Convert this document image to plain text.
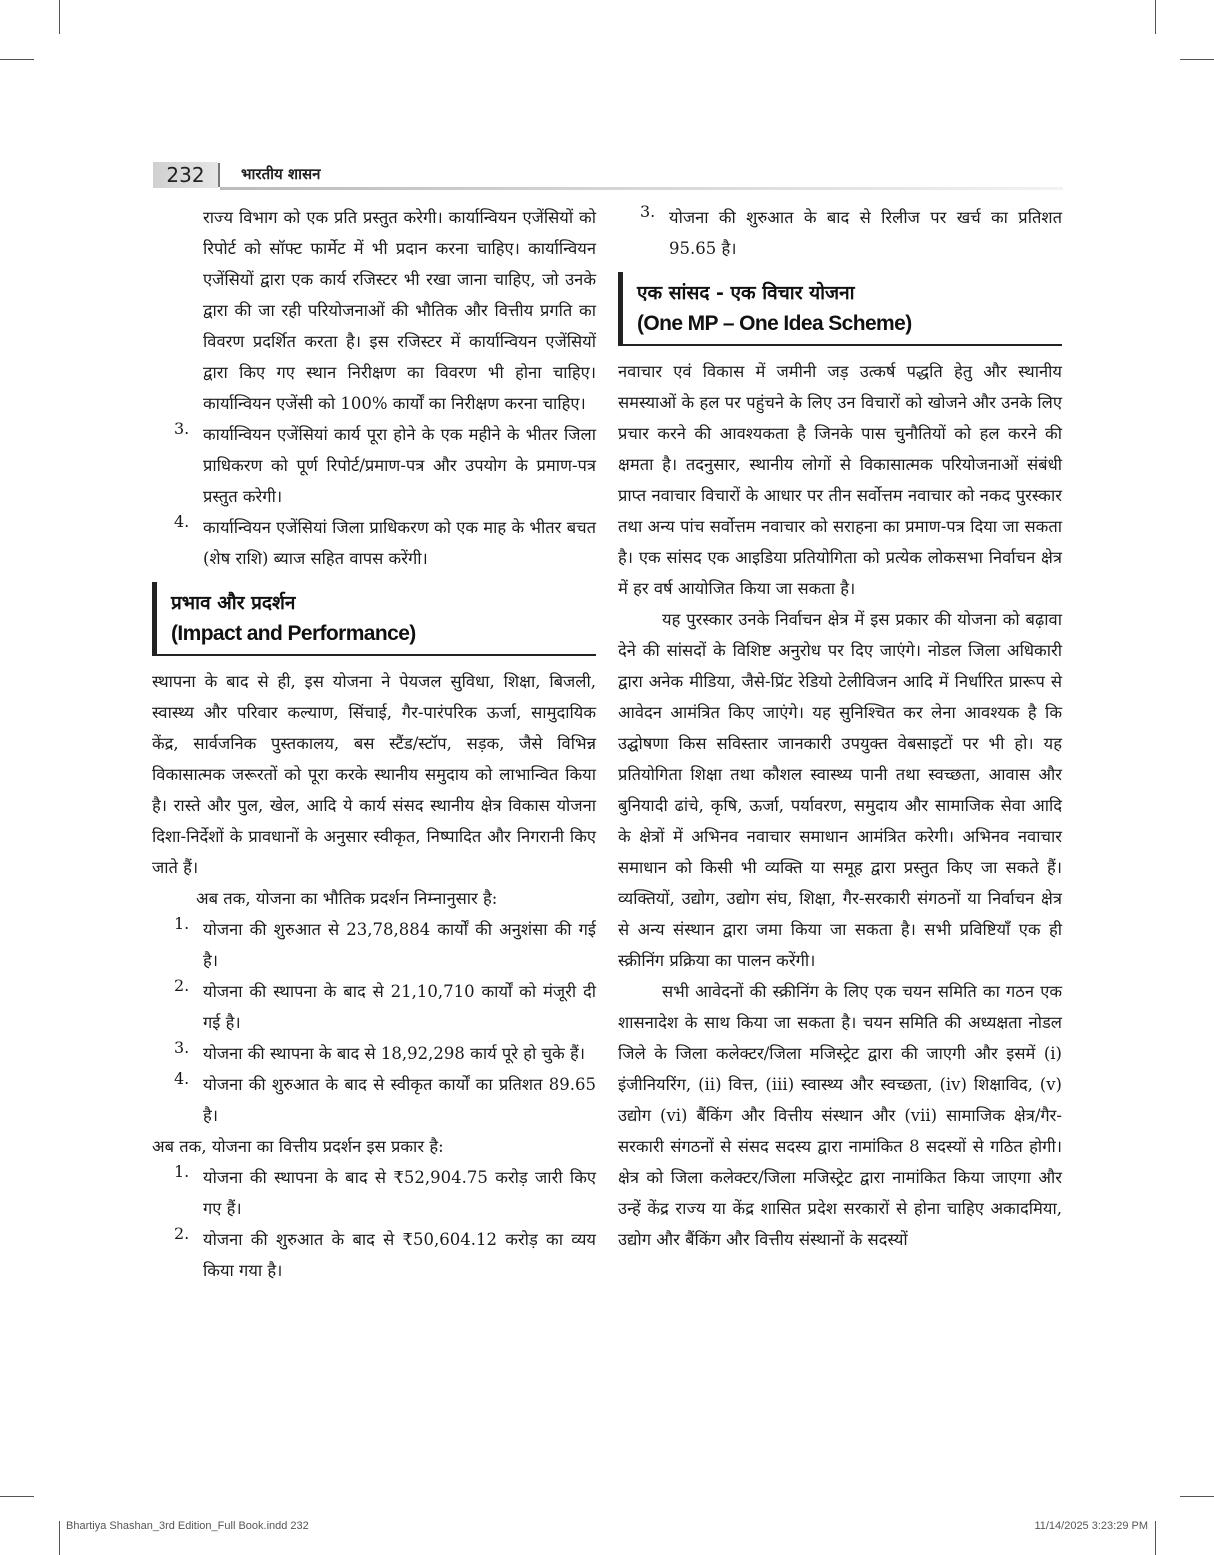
232	भारतीय शासन

राज्य विभाग को एक प्रति प्रस्तुत करेगी। कार्यान्वियन एजेंसियों को रिपोर्ट को सॉफ्ट फार्मेट में भी प्रदान करना चाहिए। कार्यान्वियन एजेंसियों द्वारा एक कार्य रजिस्टर भी रखा जाना चाहिए, जो उनके द्वारा की जा रही परियोजनाओं की भौतिक और वित्तीय प्रगति का विवरण प्रदर्शित करता है। इस रजिस्टर में कार्यान्वियन एजेंसियों द्वारा किए गए स्थान निरीक्षण का विवरण भी होना चाहिए। कार्यान्वियन एजेंसी को 100% कार्यों का निरीक्षण करना चाहिए।

3. कार्यान्वियन एजेंसियां कार्य पूरा होने के एक महीने के भीतर जिला प्राधिकरण को पूर्ण रिपोर्ट/प्रमाण-पत्र और उपयोग के प्रमाण-पत्र प्रस्तुत करेगी।

4. कार्यान्वियन एजेंसियां जिला प्राधिकरण को एक माह के भीतर बचत (शेष राशि) ब्याज सहित वापस करेंगी।

प्रभाव और प्रदर्शन
(Impact and Performance)

स्थापना के बाद से ही, इस योजना ने पेयजल सुविधा, शिक्षा, बिजली, स्वास्थ्य और परिवार कल्याण, सिंचाई, गैर-पारंपरिक ऊर्जा, सामुदायिक केंद्र, सार्वजनिक पुस्तकालय, बस स्टैंड/स्टॉप, सड़क, जैसे विभिन्न विकासात्मक जरूरतों को पूरा करके स्थानीय समुदाय को लाभान्वित किया है। रास्ते और पुल, खेल, आदि ये कार्य संसद स्थानीय क्षेत्र विकास योजना दिशा-निर्देशों के प्रावधानों के अनुसार स्वीकृत, निष्पादित और निगरानी किए जाते हैं।

अब तक, योजना का भौतिक प्रदर्शन निम्नानुसार है:

1. योजना की शुरुआत से 23,78,884 कार्यों की अनुशंसा की गई है।

2. योजना की स्थापना के बाद से 21,10,710 कार्यों को मंजूरी दी गई है।

3. योजना की स्थापना के बाद से 18,92,298 कार्य पूरे हो चुके हैं।

4. योजना की शुरुआत के बाद से स्वीकृत कार्यों का प्रतिशत 89.65 है।

अब तक, योजना का वित्तीय प्रदर्शन इस प्रकार है:

1. योजना की स्थापना के बाद से ₹52,904.75 करोड़ जारी किए गए हैं।

2. योजना की शुरुआत के बाद से ₹50,604.12 करोड़ का व्यय किया गया है।

3. योजना की शुरुआत के बाद से रिलीज पर खर्च का प्रतिशत 95.65 है।

एक सांसद - एक विचार योजना
(One MP – One Idea Scheme)

नवाचार एवं विकास में जमीनी जड़ उत्कर्ष पद्धति हेतु और स्थानीय समस्याओं के हल पर पहुंचने के लिए उन विचारों को खोजने और उनके लिए प्रचार करने की आवश्यकता है जिनके पास चुनौतियों को हल करने की क्षमता है। तदनुसार, स्थानीय लोगों से विकासात्मक परियोजनाओं संबंधी प्राप्त नवाचार विचारों के आधार पर तीन सर्वोत्तम नवाचार को नकद पुरस्कार तथा अन्य पांच सर्वोत्तम नवाचार को सराहना का प्रमाण-पत्र दिया जा सकता है। एक सांसद एक आइडिया प्रतियोगिता को प्रत्येक लोकसभा निर्वाचन क्षेत्र में हर वर्ष आयोजित किया जा सकता है।

यह पुरस्कार उनके निर्वाचन क्षेत्र में इस प्रकार की योजना को बढ़ावा देने की सांसदों के विशिष्ट अनुरोध पर दिए जाएंगे। नोडल जिला अधिकारी द्वारा अनेक मीडिया, जैसे-प्रिंट रेडियो टेलीविजन आदि में निर्धारित प्रारूप से आवेदन आमंत्रित किए जाएंगे। यह सुनिश्चित कर लेना आवश्यक है कि उद्घोषणा किस सविस्तार जानकारी उपयुक्त वेबसाइटों पर भी हो। यह प्रतियोगिता शिक्षा तथा कौशल स्वास्थ्य पानी तथा स्वच्छता, आवास और बुनियादी ढांचे, कृषि, ऊर्जा, पर्यावरण, समुदाय और सामाजिक सेवा आदि के क्षेत्रों में अभिनव नवाचार समाधान आमंत्रित करेगी। अभिनव नवाचार समाधान को किसी भी व्यक्ति या समूह द्वारा प्रस्तुत किए जा सकते हैं। व्यक्तियों, उद्योग, उद्योग संघ, शिक्षा, गैर-सरकारी संगठनों या निर्वाचन क्षेत्र से अन्य संस्थान द्वारा जमा किया जा सकता है। सभी प्रविष्टियाँ एक ही स्क्रीनिंग प्रक्रिया का पालन करेंगी।

सभी आवेदनों की स्क्रीनिंग के लिए एक चयन समिति का गठन एक शासनादेश के साथ किया जा सकता है। चयन समिति की अध्यक्षता नोडल जिले के जिला कलेक्टर/जिला मजिस्ट्रेट द्वारा की जाएगी और इसमें (i) इंजीनियरिंग, (ii) वित्त, (iii) स्वास्थ्य और स्वच्छता, (iv) शिक्षाविद, (v) उद्योग (vi) बैंकिंग और वित्तीय संस्थान और (vii) सामाजिक क्षेत्र/गैर-सरकारी संगठनों से संसद सदस्य द्वारा नामांकित 8 सदस्यों से गठित होगी। क्षेत्र को जिला कलेक्टर/जिला मजिस्ट्रेट द्वारा नामांकित किया जाएगा और उन्हें केंद्र राज्य या केंद्र शासित प्रदेश सरकारों से होना चाहिए अकादमिया, उद्योग और बैंकिंग और वित्तीय संस्थानों के सदस्यों

Bhartiya Shashan_3rd Edition_Full Book.indd 232	11/14/2025 3:23:29 PM
